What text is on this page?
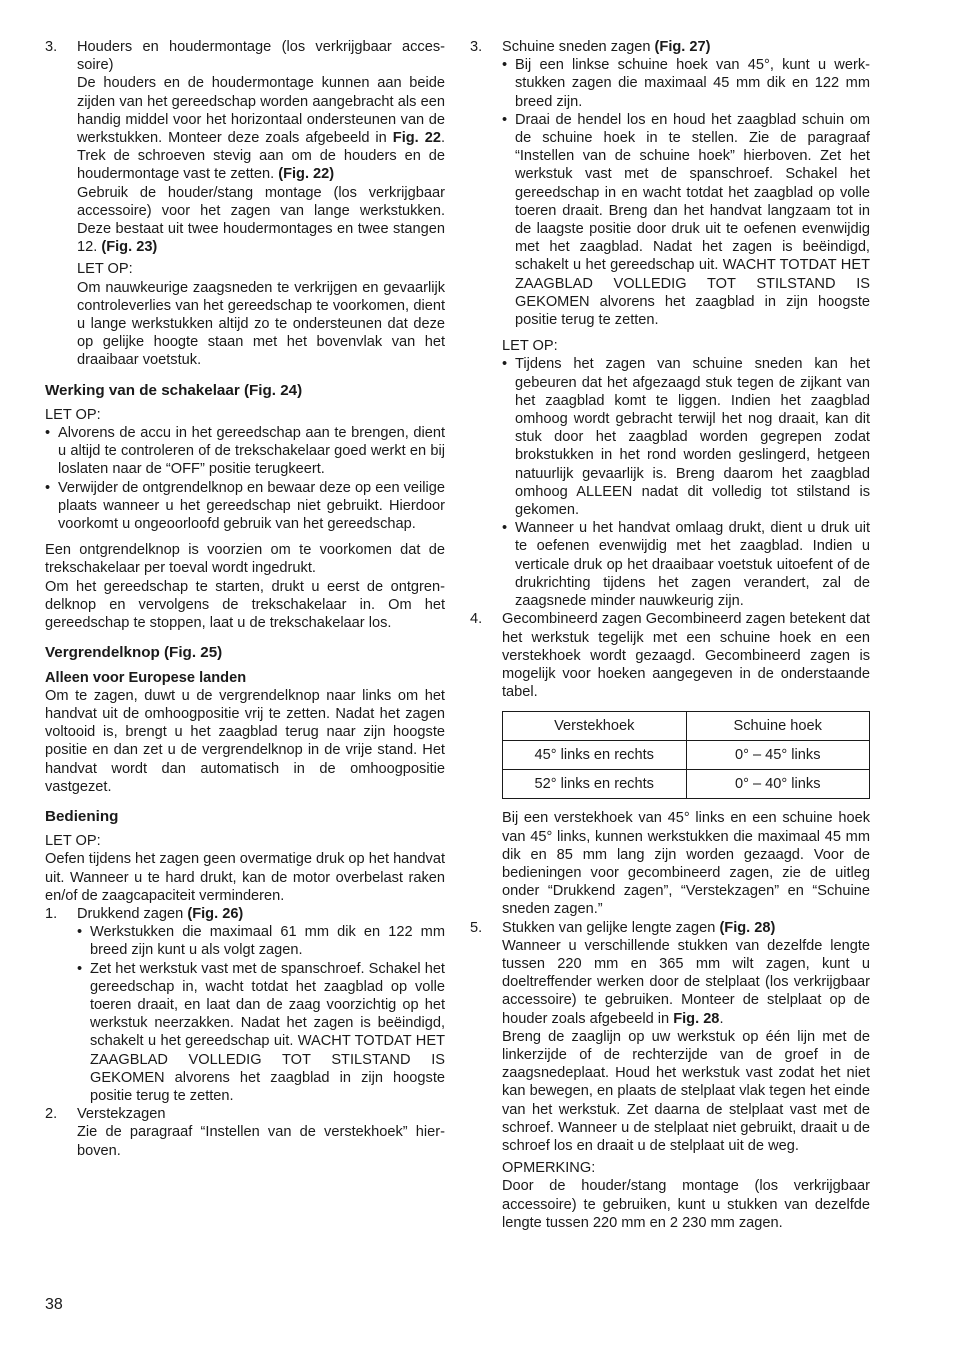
3.	Houders en houdermontage (los verkrijgbaar accessoire)

De houders en de houdermontage kunnen aan beide zijden van het gereedschap worden aangebracht als een handig middel voor het horizontaal ondersteunen van de werkstukken. Monteer deze zoals afgebeeld in Fig. 22. Trek de schroeven stevig aan om de houders en de houdermontage vast te zetten. (Fig. 22)

Gebruik de houder/stang montage (los verkrijgbaar accessoire) voor het zagen van lange werkstukken. Deze bestaat uit twee houdermontages en twee stangen 12. (Fig. 23)

LET OP:

Om nauwkeurige zaagsneden te verkrijgen en gevaarlijk controleverlies van het gereedschap te voorkomen, dient u lange werkstukken altijd zo te ondersteunen dat deze op gelijke hoogte staan met het bovenvlak van het draaibaar voetstuk.

Werking van de schakelaar (Fig. 24)

LET OP:

• Alvorens de accu in het gereedschap aan te brengen, dient u altijd te controleren of de trekschakelaar goed werkt en bij loslaten naar de “OFF” positie terugkeert.

• Verwijder de ontgrendelknop en bewaar deze op een veilige plaats wanneer u het gereedschap niet gebruikt. Hierdoor voorkomt u ongeoorloofd gebruik van het gereedschap.

Een ontgrendelknop is voorzien om te voorkomen dat de trekschakelaar per toeval wordt ingedrukt.

Om het gereedschap te starten, drukt u eerst de ontgrendelknop en vervolgens de trekschakelaar in. Om het gereedschap te stoppen, laat u de trekschakelaar los.

Vergrendelknop (Fig. 25)

Alleen voor Europese landen

Om te zagen, duwt u de vergrendelknop naar links om het handvat uit de omhoogpositie vrij te zetten. Nadat het zagen voltooid is, brengt u het zaagblad terug naar zijn hoogste positie en dan zet u de vergrendelknop in de vrije stand. Het handvat wordt dan automatisch in de omhoogpositie vastgezet.

Bediening

LET OP:

Oefen tijdens het zagen geen overmatige druk op het handvat uit. Wanneer u te hard drukt, kan de motor overbelast raken en/of de zaagcapaciteit verminderen.

1.	Drukkend zagen (Fig. 26)

• Werkstukken die maximaal 61 mm dik en 122 mm breed zijn kunt u als volgt zagen.

• Zet het werkstuk vast met de spanschroef. Schakel het gereedschap in, wacht totdat het zaagblad op volle toeren draait, en laat dan de zaag voorzichtig op het werkstuk neerzakken. Nadat het zagen is beëindigd, schakelt u het gereedschap uit. WACHT TOTDAT HET ZAAGBLAD VOLLEDIG TOT STILSTAND IS GEKOMEN alvorens het zaagblad in zijn hoogste positie terug te zetten.

2.	Verstekzagen

Zie de paragraaf “Instellen van de verstekhoek” hierboven.

3.	Schuine sneden zagen (Fig. 27)

• Bij een linkse schuine hoek van 45°, kunt u werkstukken zagen die maximaal 45 mm dik en 122 mm breed zijn.

• Draai de hendel los en houd het zaagblad schuin om de schuine hoek in te stellen. Zie de paragraaf “Instellen van de schuine hoek” hierboven. Zet het werkstuk vast met de spanschroef. Schakel het gereedschap in en wacht totdat het zaagblad op volle toeren draait. Breng dan het handvat langzaam tot in de laagste positie door druk uit te oefenen evenwijdig met het zaagblad. Nadat het zagen is beëindigd, schakelt u het gereedschap uit. WACHT TOTDAT HET ZAAGBLAD VOLLEDIG TOT STILSTAND IS GEKOMEN alvorens het zaagblad in zijn hoogste positie terug te zetten.

LET OP:

• Tijdens het zagen van schuine sneden kan het gebeuren dat het afgezaagd stuk tegen de zijkant van het zaagblad komt te liggen. Indien het zaagblad omhoog wordt gebracht terwijl het nog draait, kan dit stuk door het zaagblad worden gegrepen zodat brokstukken in het rond worden geslingerd, hetgeen natuurlijk gevaarlijk is. Breng daarom het zaagblad omhoog ALLEEN nadat dit volledig tot stilstand is gekomen.

• Wanneer u het handvat omlaag drukt, dient u druk uit te oefenen evenwijdig met het zaagblad. Indien u verticale druk op het draaibaar voetstuk uitoefent of de drukrichting tijdens het zagen verandert, zal de zaagsnede minder nauwkeurig zijn.

4.	Gecombineerd zagen Gecombineerd zagen betekent dat het werkstuk tegelijk met een schuine hoek en een verstekhoek wordt gezaagd. Gecombineerd zagen is mogelijk voor hoeken aangegeven in de onderstaande tabel.

Verstekhoek	Schuine hoek
45° links en rechts	0° – 45° links
52° links en rechts	0° – 40° links

Bij een verstekhoek van 45° links en een schuine hoek van 45° links, kunnen werkstukken die maximaal 45 mm dik en 85 mm lang zijn worden gezaagd. Voor de bedieningen voor gecombineerd zagen, zie de uitleg onder “Drukkend zagen”, “Verstekzagen” en “Schuine sneden zagen.”

5.	Stukken van gelijke lengte zagen (Fig. 28)

Wanneer u verschillende stukken van dezelfde lengte tussen 220 mm en 365 mm wilt zagen, kunt u doeltreffender werken door de stelplaat (los verkrijgbaar accessoire) te gebruiken. Monteer de stelplaat op de houder zoals afgebeeld in Fig. 28.

Breng de zaaglijn op uw werkstuk op één lijn met de linkerzijde of de rechterzijde van de groef in de zaagsnedeplaat. Houd het werkstuk vast zodat het niet kan bewegen, en plaats de stelplaat vlak tegen het einde van het werkstuk. Zet daarna de stelplaat vast met de schroef. Wanneer u de stelplaat niet gebruikt, draait u de schroef los en draait u de stelplaat uit de weg.

OPMERKING:

Door de houder/stang montage (los verkrijgbaar accessoire) te gebruiken, kunt u stukken van dezelfde lengte tussen 220 mm en 2 230 mm zagen.

38
